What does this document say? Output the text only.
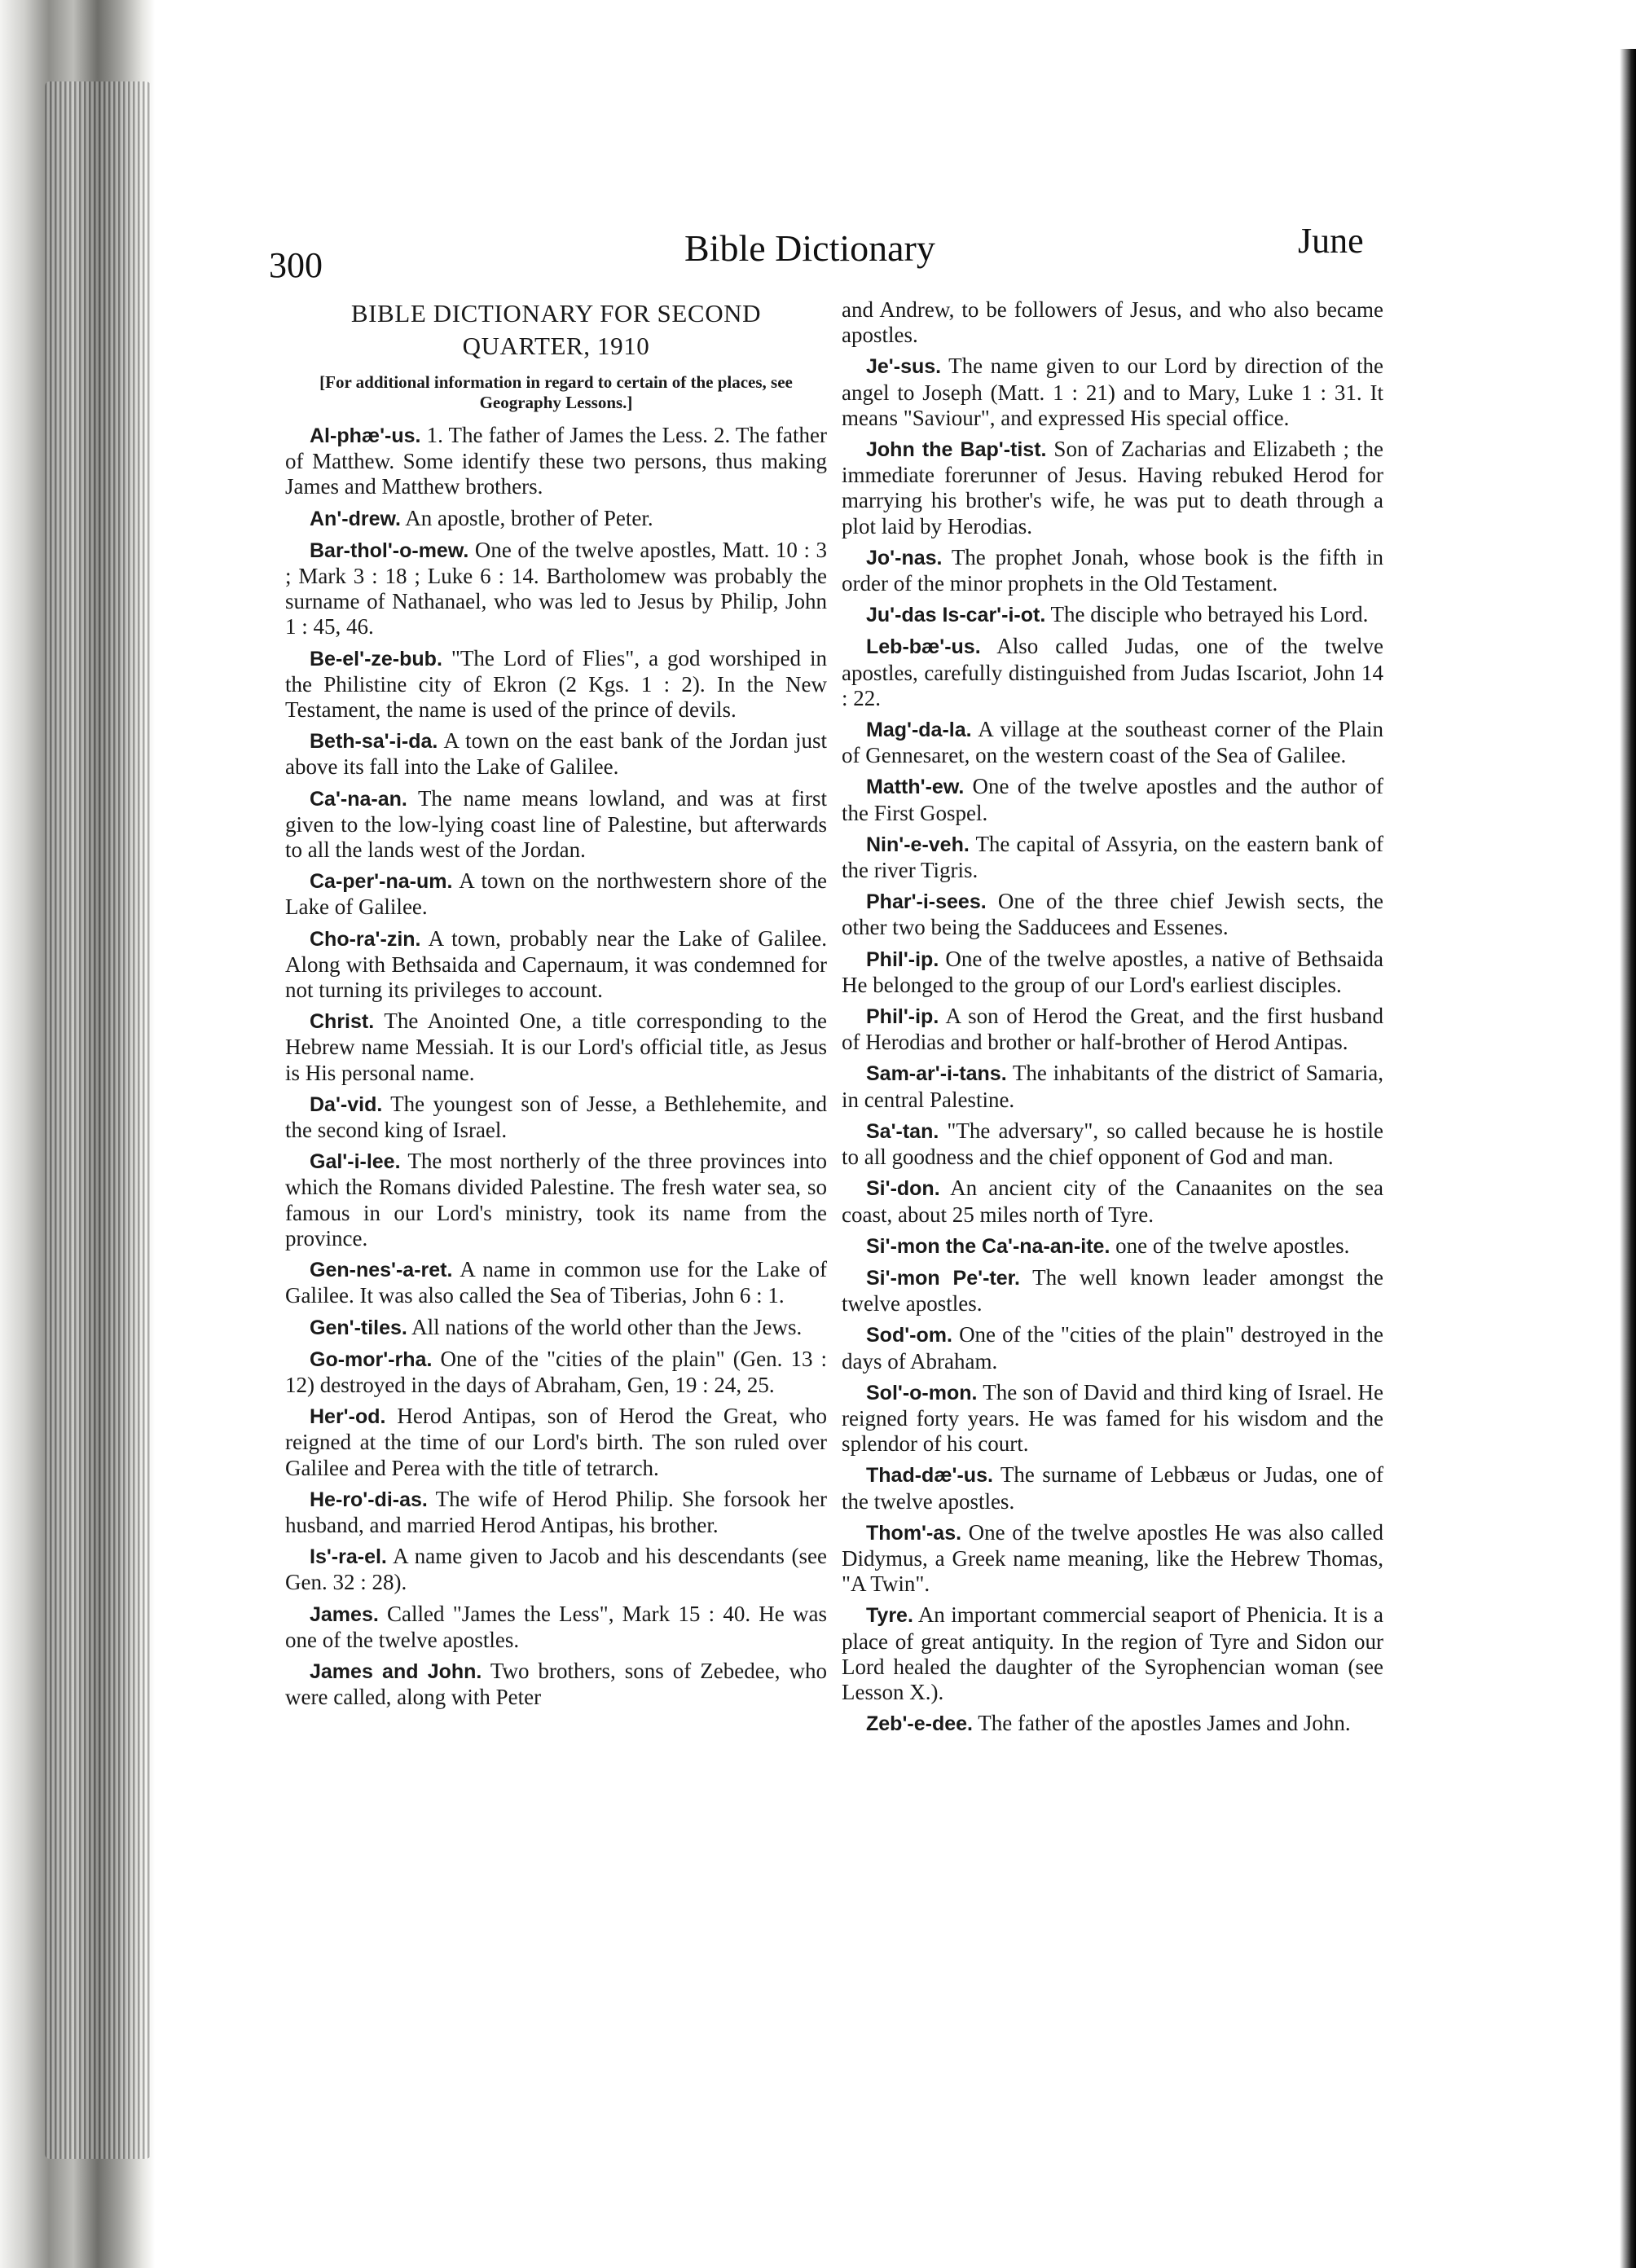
300	Bible Dictionary	June
BIBLE DICTIONARY FOR SECOND QUARTER, 1910
[For additional information in regard to certain of the places, see Geography Lessons.]

Al-phæ'-us. 1. The father of James the Less. 2. The father of Matthew. Some identify these two persons, thus making James and Matthew brothers.

An'-drew. An apostle, brother of Peter.

Bar-thol'-o-mew. One of the twelve apostles, Matt. 10 : 3 ; Mark 3 : 18 ; Luke 6 : 14. Bartholomew was probably the surname of Nathanael, who was led to Jesus by Philip, John 1 : 45, 46.

Be-el'-ze-bub. "The Lord of Flies", a god worshiped in the Philistine city of Ekron (2 Kgs. 1 : 2). In the New Testament, the name is used of the prince of devils.

Beth-sa'-i-da. A town on the east bank of the Jordan just above its fall into the Lake of Galilee.

Ca'-na-an. The name means lowland, and was at first given to the low-lying coast line of Palestine, but afterwards to all the lands west of the Jordan.

Ca-per'-na-um. A town on the northwestern shore of the Lake of Galilee.

Cho-ra'-zin. A town, probably near the Lake of Galilee. Along with Bethsaida and Capernaum, it was condemned for not turning its privileges to account.

Christ. The Anointed One, a title corresponding to the Hebrew name Messiah. It is our Lord's official title, as Jesus is His personal name.

Da'-vid. The youngest son of Jesse, a Bethlehemite, and the second king of Israel.

Gal'-i-lee. The most northerly of the three provinces into which the Romans divided Palestine. The fresh water sea, so famous in our Lord's ministry, took its name from the province.

Gen-nes'-a-ret. A name in common use for the Lake of Galilee. It was also called the Sea of Tiberias, John 6 : 1.

Gen'-tiles. All nations of the world other than the Jews.

Go-mor'-rha. One of the "cities of the plain" (Gen. 13 : 12) destroyed in the days of Abraham, Gen, 19 : 24, 25.

Her'-od. Herod Antipas, son of Herod the Great, who reigned at the time of our Lord's birth. The son ruled over Galilee and Perea with the title of tetrarch.

He-ro'-di-as. The wife of Herod Philip. She forsook her husband, and married Herod Antipas, his brother.

Is'-ra-el. A name given to Jacob and his descendants (see Gen. 32 : 28).

James. Called "James the Less", Mark 15 : 40. He was one of the twelve apostles.

James and John. Two brothers, sons of Zebedee, who were called, along with Peter

and Andrew, to be followers of Jesus, and who also became apostles.

Je'-sus. The name given to our Lord by direction of the angel to Joseph (Matt. 1 : 21) and to Mary, Luke 1 : 31. It means "Saviour", and expressed His special office.

John the Bap'-tist. Son of Zacharias and Elizabeth ; the immediate forerunner of Jesus. Having rebuked Herod for marrying his brother's wife, he was put to death through a plot laid by Herodias.

Jo'-nas. The prophet Jonah, whose book is the fifth in order of the minor prophets in the Old Testament.

Ju'-das Is-car'-i-ot. The disciple who betrayed his Lord.

Leb-bæ'-us. Also called Judas, one of the twelve apostles, carefully distinguished from Judas Iscariot, John 14 : 22.

Mag'-da-la. A village at the southeast corner of the Plain of Gennesaret, on the western coast of the Sea of Galilee.

Matth'-ew. One of the twelve apostles and the author of the First Gospel.

Nin'-e-veh. The capital of Assyria, on the eastern bank of the river Tigris.

Phar'-i-sees. One of the three chief Jewish sects, the other two being the Sadducees and Essenes.

Phil'-ip. One of the twelve apostles, a native of Bethsaida He belonged to the group of our Lord's earliest disciples.

Phil'-ip. A son of Herod the Great, and the first husband of Herodias and brother or half-brother of Herod Antipas.

Sam-ar'-i-tans. The inhabitants of the district of Samaria, in central Palestine.

Sa'-tan. "The adversary", so called because he is hostile to all goodness and the chief opponent of God and man.

Si'-don. An ancient city of the Canaanites on the sea coast, about 25 miles north of Tyre.

Si'-mon the Ca'-na-an-ite. one of the twelve apostles.

Si'-mon Pe'-ter. The well known leader amongst the twelve apostles.

Sod'-om. One of the "cities of the plain" destroyed in the days of Abraham.

Sol'-o-mon. The son of David and third king of Israel. He reigned forty years. He was famed for his wisdom and the splendor of his court.

Thad-dæ'-us. The surname of Lebbæus or Judas, one of the twelve apostles.

Thom'-as. One of the twelve apostles He was also called Didymus, a Greek name meaning, like the Hebrew Thomas, "A Twin".

Tyre. An important commercial seaport of Phenicia. It is a place of great antiquity. In the region of Tyre and Sidon our Lord healed the daughter of the Syrophencian woman (see Lesson X.).

Zeb'-e-dee. The father of the apostles James and John.
